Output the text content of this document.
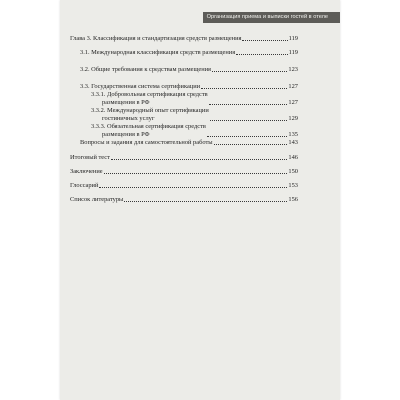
Организация приема и выписки гостей в отеле
Глава 3. Классификация и стандартизация средств размещения	119
3.1. Международная классификация средств размещения	119
3.2. Общие требования к средствам размещения	123
3.3. Государственная система сертификации	127
3.3.1. Добровольная сертификация средств
размещения в РФ	127
3.3.2. Международный опыт сертификации
гостиничных услуг	129
3.3.3. Обязательная сертификация средств
размещения в РФ	135
Вопросы и задания для самостоятельной работы	143
Итоговый тест	146
Заключение	150
Глоссарий	153
Список литературы	156
